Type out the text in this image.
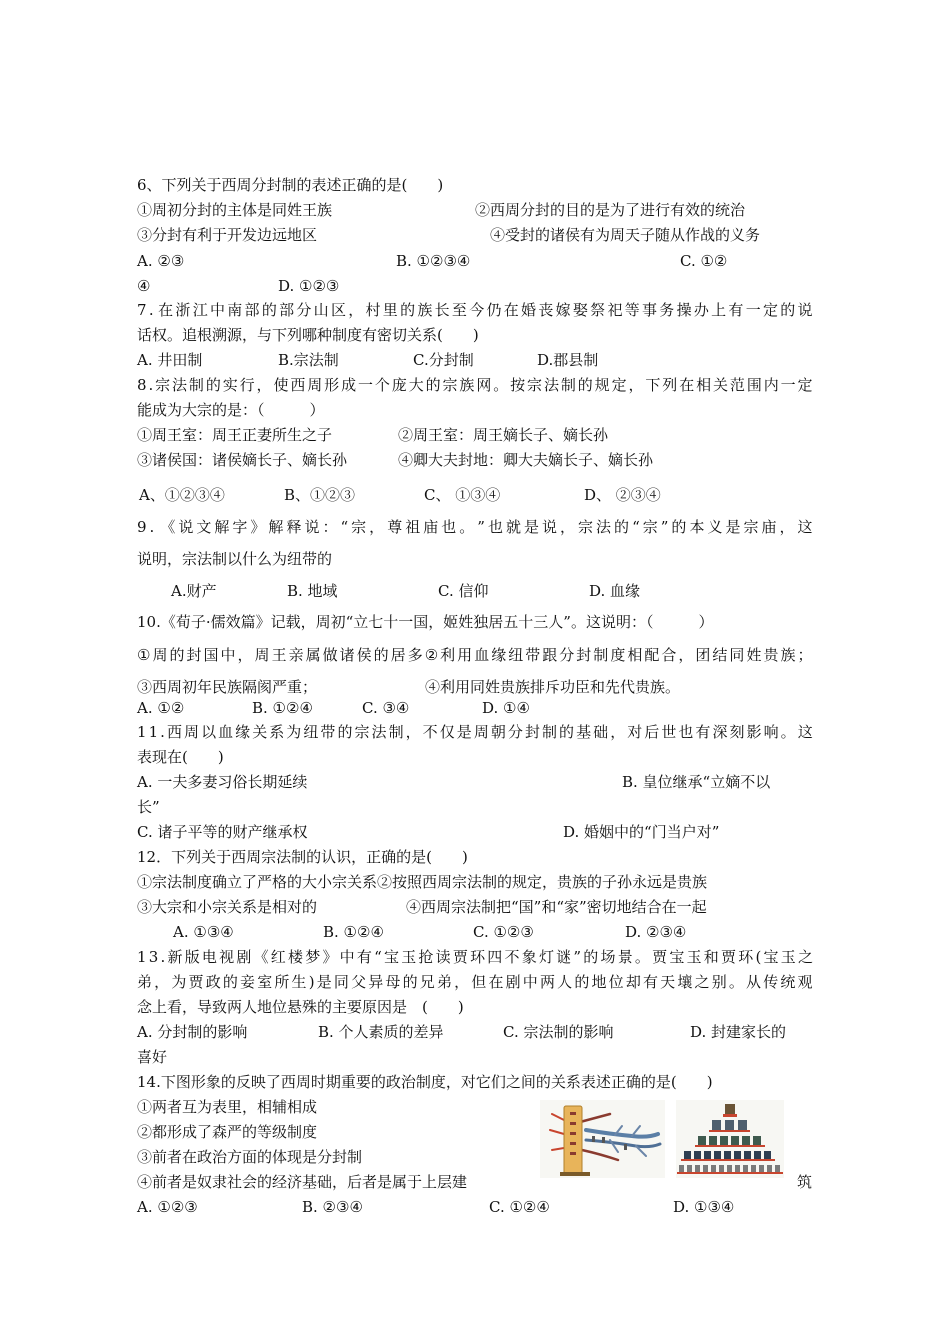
6、下列关于西周分封制的表述正确的是(　　)
①周初分封的主体是同姓王族	②西周分封的目的是为了进行有效的统治
③分封有利于开发边远地区	④受封的诸侯有为周天子随从作战的义务
A. ②③	B. ①②③④	C. ①②
④	D. ①②③
7 . 在 浙 江 中 南 部 的 部 分 山 区 ， 村 里 的 族 长 至 今 仍 在 婚 丧 嫁 娶 祭 祀 等 事 务 操 办 上 有 一 定 的 说
话权。追根溯源，与下列哪种制度有密切关系(　　)
A. 井田制	B.宗法制	C.分封制	D.郡县制
8 . 宗 法 制 的 实 行 ， 使 西 周 形 成 一 个 庞 大 的 宗 族 网 。 按 宗 法 制 的 规 定 ， 下 列 在 相 关 范 围 内 一 定
能成为大宗的是：（　　　）
①周王室：周王正妻所生之子	②周王室：周王嫡长子、嫡长孙
③诸侯国：诸侯嫡长子、嫡长孙	④卿大夫封地：卿大夫嫡长子、嫡长孙
A、①②③④	B、①②③	C、 ①③④	D、 ②③④
9 . 《 说 文 解 字 》 解 释 说 ： “ 宗 ， 尊 祖 庙 也 。 ” 也 就 是 说 ， 宗 法 的 “ 宗 ” 的 本 义 是 宗 庙 ， 这
说明，宗法制以什么为纽带的
A.财产	B. 地域	C. 信仰	D. 血缘
10.《荀子·儒效篇》记载，周初“立七十一国，姬姓独居五十三人”。这说明：（　　　）
① 周 的 封 国 中 ， 周 王 亲 属 做 诸 侯 的 居 多 ② 利 用 血 缘 纽 带 跟 分 封 制 度 相 配 合 ， 团 结 同 姓 贵 族 ；
③西周初年民族隔阂严重；	④利用同姓贵族排斥功臣和先代贵族。
A. ①②	B. ①②④	C. ③④	D. ①④
1 1 . 西 周 以 血 缘 关 系 为 纽 带 的 宗 法 制 ， 不 仅 是 周 朝 分 封 制 的 基 础 ， 对 后 世 也 有 深 刻 影 响 。 这
表现在(　　)
A. 一夫多妻习俗长期延续	B. 皇位继承“立嫡不以
长”
C. 诸子平等的财产继承权	D. 婚姻中的“门当户对”
12．下列关于西周宗法制的认识，正确的是(　　)
①宗法制度确立了严格的大小宗关系②按照西周宗法制的规定，贵族的子孙永远是贵族
③大宗和小宗关系是相对的	④西周宗法制把“国”和“家”密切地结合在一起
A. ①③④	B. ①②④	C. ①②③	D. ②③④
1 3 . 新 版 电 视 剧 《 红 楼 梦 》 中 有 “ 宝 玉 抢 读 贾 环 四 不 象 灯 谜 ” 的 场 景 。 贾 宝 玉 和 贾 环 ( 宝 玉 之
弟 ， 为 贾 政 的 妾 室 所 生 ) 是 同 父 异 母 的 兄 弟 ， 但 在 剧 中 两 人 的 地 位 却 有 天 壤 之 别 。 从 传 统 观
念上看，导致两人地位悬殊的主要原因是　(　　)
A. 分封制的影响	B. 个人素质的差异	C. 宗法制的影响	D. 封建家长的
喜好
14.下图形象的反映了西周时期重要的政治制度，对它们之间的关系表述正确的是(　　)
①两者互为表里，相辅相成
②都形成了森严的等级制度
③前者在政治方面的体现是分封制
④前者是奴隶社会的经济基础，后者是属于上层建	筑
A. ①②③	B. ②③④	C. ①②④	D. ①③④
